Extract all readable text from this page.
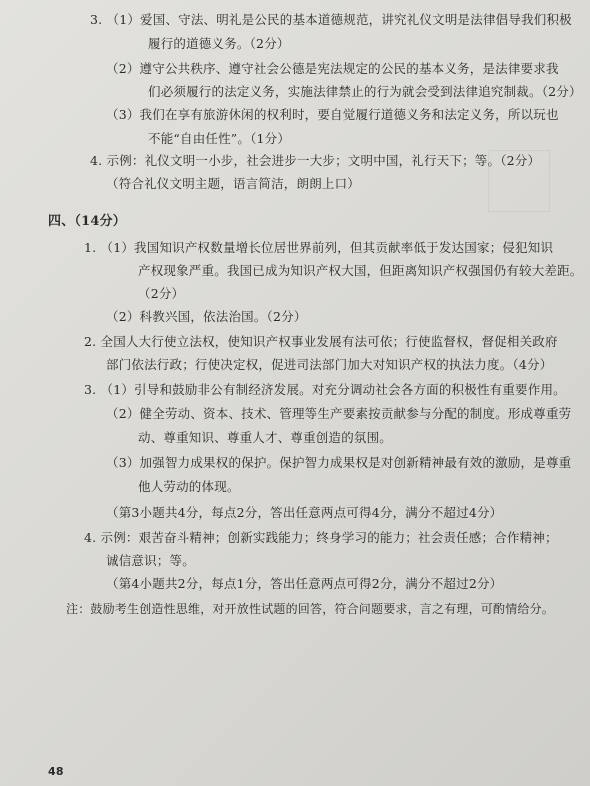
3. （1）爱国、守法、明礼是公民的基本道德规范，讲究礼仪文明是法律倡导我们积极
履行的道德义务。（2分）
（2）遵守公共秩序、遵守社会公德是宪法规定的公民的基本义务，是法律要求我
们必须履行的法定义务，实施法律禁止的行为就会受到法律追究制裁。（2分）
（3）我们在享有旅游休闲的权利时，要自觉履行道德义务和法定义务，所以玩也
不能“自由任性”。（1分）
4. 示例：礼仪文明一小步，社会进步一大步；文明中国，礼行天下；等。（2分）
（符合礼仪文明主题，语言简洁，朗朗上口）
四、（14分）
1. （1）我国知识产权数量增长位居世界前列，但其贡献率低于发达国家；侵犯知识
产权现象严重。我国已成为知识产权大国，但距离知识产权强国仍有较大差距。
（2分）
（2）科教兴国，依法治国。（2分）
2. 全国人大行使立法权，使知识产权事业发展有法可依；行使监督权，督促相关政府
部门依法行政；行使决定权，促进司法部门加大对知识产权的执法力度。（4分）
3. （1）引导和鼓励非公有制经济发展。对充分调动社会各方面的积极性有重要作用。
（2）健全劳动、资本、技术、管理等生产要素按贡献参与分配的制度。形成尊重劳
动、尊重知识、尊重人才、尊重创造的氛围。
（3）加强智力成果权的保护。保护智力成果权是对创新精神最有效的激励，是尊重
他人劳动的体现。
（第3小题共4分，每点2分，答出任意两点可得4分，满分不超过4分）
4. 示例：艰苦奋斗精神；创新实践能力；终身学习的能力；社会责任感；合作精神；
诚信意识；等。
（第4小题共2分，每点1分，答出任意两点可得2分，满分不超过2分）
注：鼓励考生创造性思维，对开放性试题的回答，符合问题要求，言之有理，可酌情给分。
48
